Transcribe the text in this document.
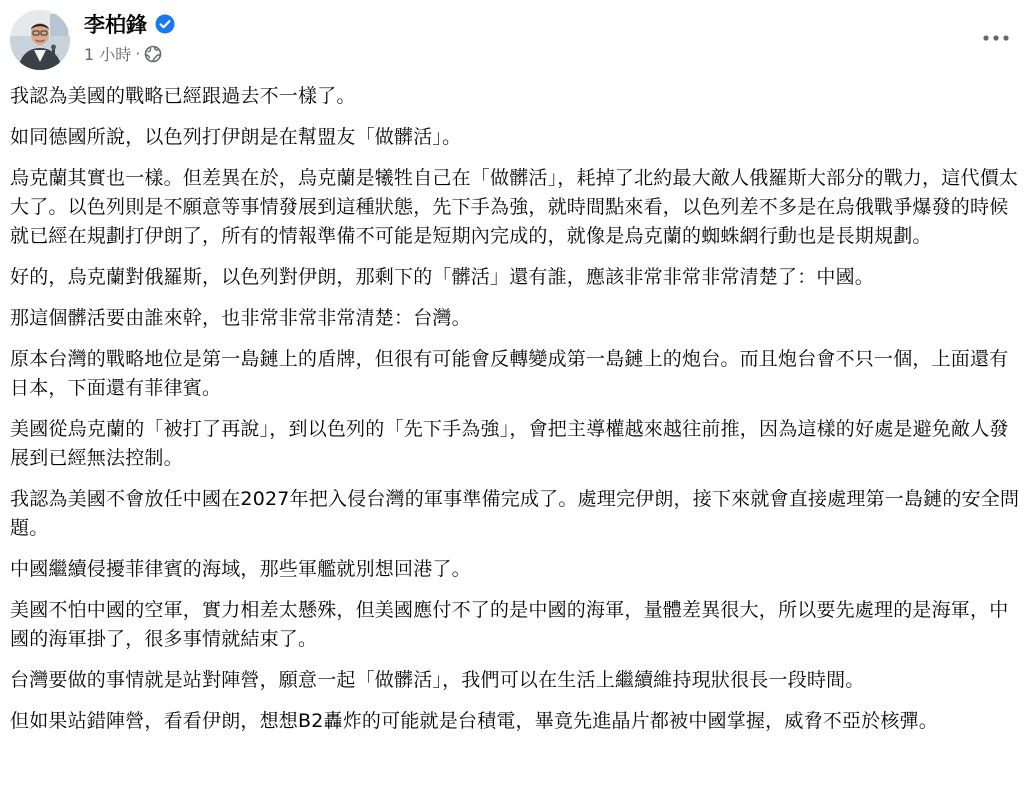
李柏鋒
1 小時 ·

我認為美國的戰略已經跟過去不一樣了。

如同德國所說，以色列打伊朗是在幫盟友「做髒活」。

烏克蘭其實也一樣。但差異在於，烏克蘭是犧牲自己在「做髒活」，耗掉了北約最大敵人俄羅斯大部分的戰力，這代價太大了。以色列則是不願意等事情發展到這種狀態，先下手為強，就時間點來看，以色列差不多是在烏俄戰爭爆發的時候就已經在規劃打伊朗了，所有的情報準備不可能是短期內完成的，就像是烏克蘭的蜘蛛網行動也是長期規劃。

好的，烏克蘭對俄羅斯，以色列對伊朗，那剩下的「髒活」還有誰，應該非常非常非常清楚了：中國。

那這個髒活要由誰來幹，也非常非常非常清楚：台灣。

原本台灣的戰略地位是第一島鏈上的盾牌，但很有可能會反轉變成第一島鏈上的炮台。而且炮台會不只一個，上面還有日本，下面還有菲律賓。

美國從烏克蘭的「被打了再說」，到以色列的「先下手為強」，會把主導權越來越往前推，因為這樣的好處是避免敵人發展到已經無法控制。

我認為美國不會放任中國在2027年把入侵台灣的軍事準備完成了。處理完伊朗，接下來就會直接處理第一島鏈的安全問題。

中國繼續侵擾菲律賓的海域，那些軍艦就別想回港了。

美國不怕中國的空軍，實力相差太懸殊，但美國應付不了的是中國的海軍，量體差異很大，所以要先處理的是海軍，中國的海軍掛了，很多事情就結束了。

台灣要做的事情就是站對陣營，願意一起「做髒活」，我們可以在生活上繼續維持現狀很長一段時間。

但如果站錯陣營，看看伊朗，想想B2轟炸的可能就是台積電，畢竟先進晶片都被中國掌握，威脅不亞於核彈。
